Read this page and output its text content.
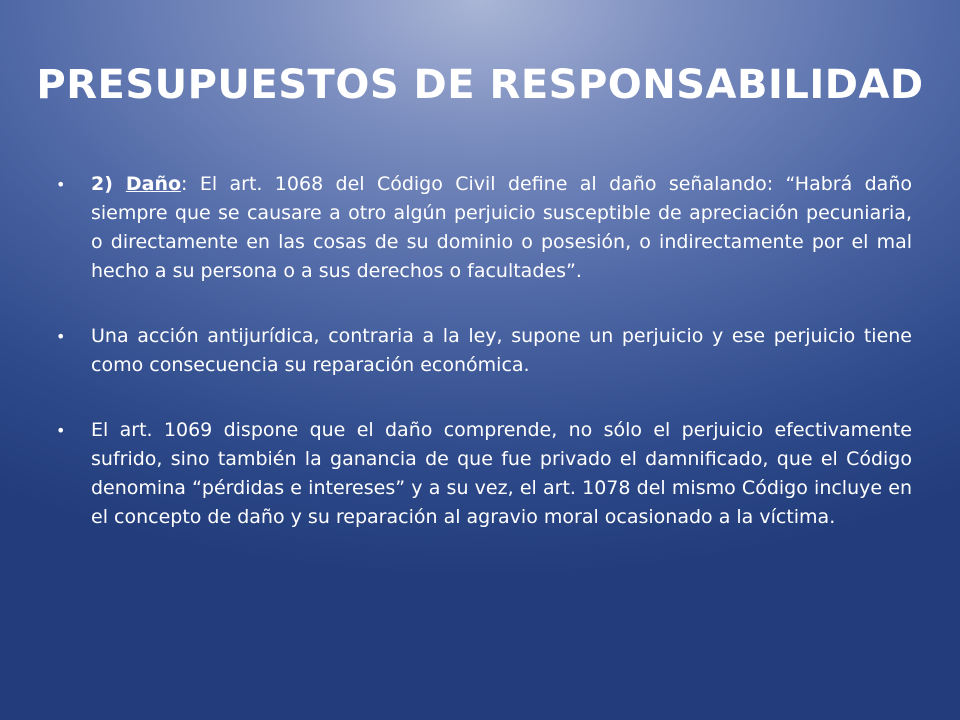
PRESUPUESTOS DE RESPONSABILIDAD
• 2) Daño: El art. 1068 del Código Civil define al daño señalando: “Habrá daño siempre que se causare a otro algún perjuicio susceptible de apreciación pecuniaria, o directamente en las cosas de su dominio o posesión, o indirectamente por el mal hecho a su persona o a sus derechos o facultades”.
• Una acción antijurídica, contraria a la ley, supone un perjuicio y ese perjuicio tiene como consecuencia su reparación económica.
• El art. 1069 dispone que el daño comprende, no sólo el perjuicio efectivamente sufrido, sino también la ganancia de que fue privado el damnificado, que el Código denomina “pérdidas e intereses” y a su vez, el art. 1078 del mismo Código incluye en el concepto de daño y su reparación al agravio moral ocasionado a la víctima.
